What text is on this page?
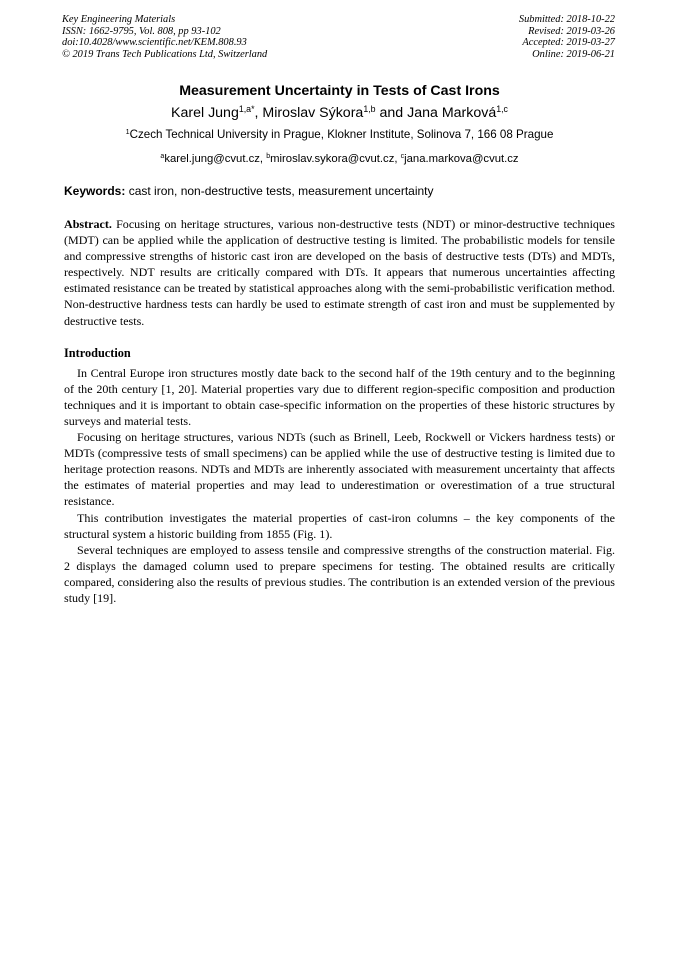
Key Engineering Materials
ISSN: 1662-9795, Vol. 808, pp 93-102
doi:10.4028/www.scientific.net/KEM.808.93
© 2019 Trans Tech Publications Ltd, Switzerland
Submitted: 2018-10-22
Revised: 2019-03-26
Accepted: 2019-03-27
Online: 2019-06-21
Measurement Uncertainty in Tests of Cast Irons
Karel Jung$^{1,a*}$, Miroslav Sýkora$^{1,b}$ and Jana Marková$^{1,c}$
$^1$Czech Technical University in Prague, Klokner Institute, Solinova 7, 166 08 Prague
$^a$karel.jung@cvut.cz, $^b$miroslav.sykora@cvut.cz, $^c$jana.markova@cvut.cz
Keywords: cast iron, non-destructive tests, measurement uncertainty
Abstract. Focusing on heritage structures, various non-destructive tests (NDT) or minor-destructive techniques (MDT) can be applied while the application of destructive testing is limited. The probabilistic models for tensile and compressive strengths of historic cast iron are developed on the basis of destructive tests (DTs) and MDTs, respectively. NDT results are critically compared with DTs. It appears that numerous uncertainties affecting estimated resistance can be treated by statistical approaches along with the semi-probabilistic verification method. Non-destructive hardness tests can hardly be used to estimate strength of cast iron and must be supplemented by destructive tests.
Introduction

In Central Europe iron structures mostly date back to the second half of the 19th century and to the beginning of the 20th century [1, 20]. Material properties vary due to different region-specific composition and production techniques and it is important to obtain case-specific information on the properties of these historic structures by surveys and material tests.

Focusing on heritage structures, various NDTs (such as Brinell, Leeb, Rockwell or Vickers hardness tests) or MDTs (compressive tests of small specimens) can be applied while the use of destructive testing is limited due to heritage protection reasons. NDTs and MDTs are inherently associated with measurement uncertainty that affects the estimates of material properties and may lead to underestimation or overestimation of a true structural resistance.

This contribution investigates the material properties of cast-iron columns – the key components of the structural system a historic building from 1855 (Fig. 1).

Several techniques are employed to assess tensile and compressive strengths of the construction material. Fig. 2 displays the damaged column used to prepare specimens for testing. The obtained results are critically compared, considering also the results of previous studies. The contribution is an extended version of the previous study [19].
